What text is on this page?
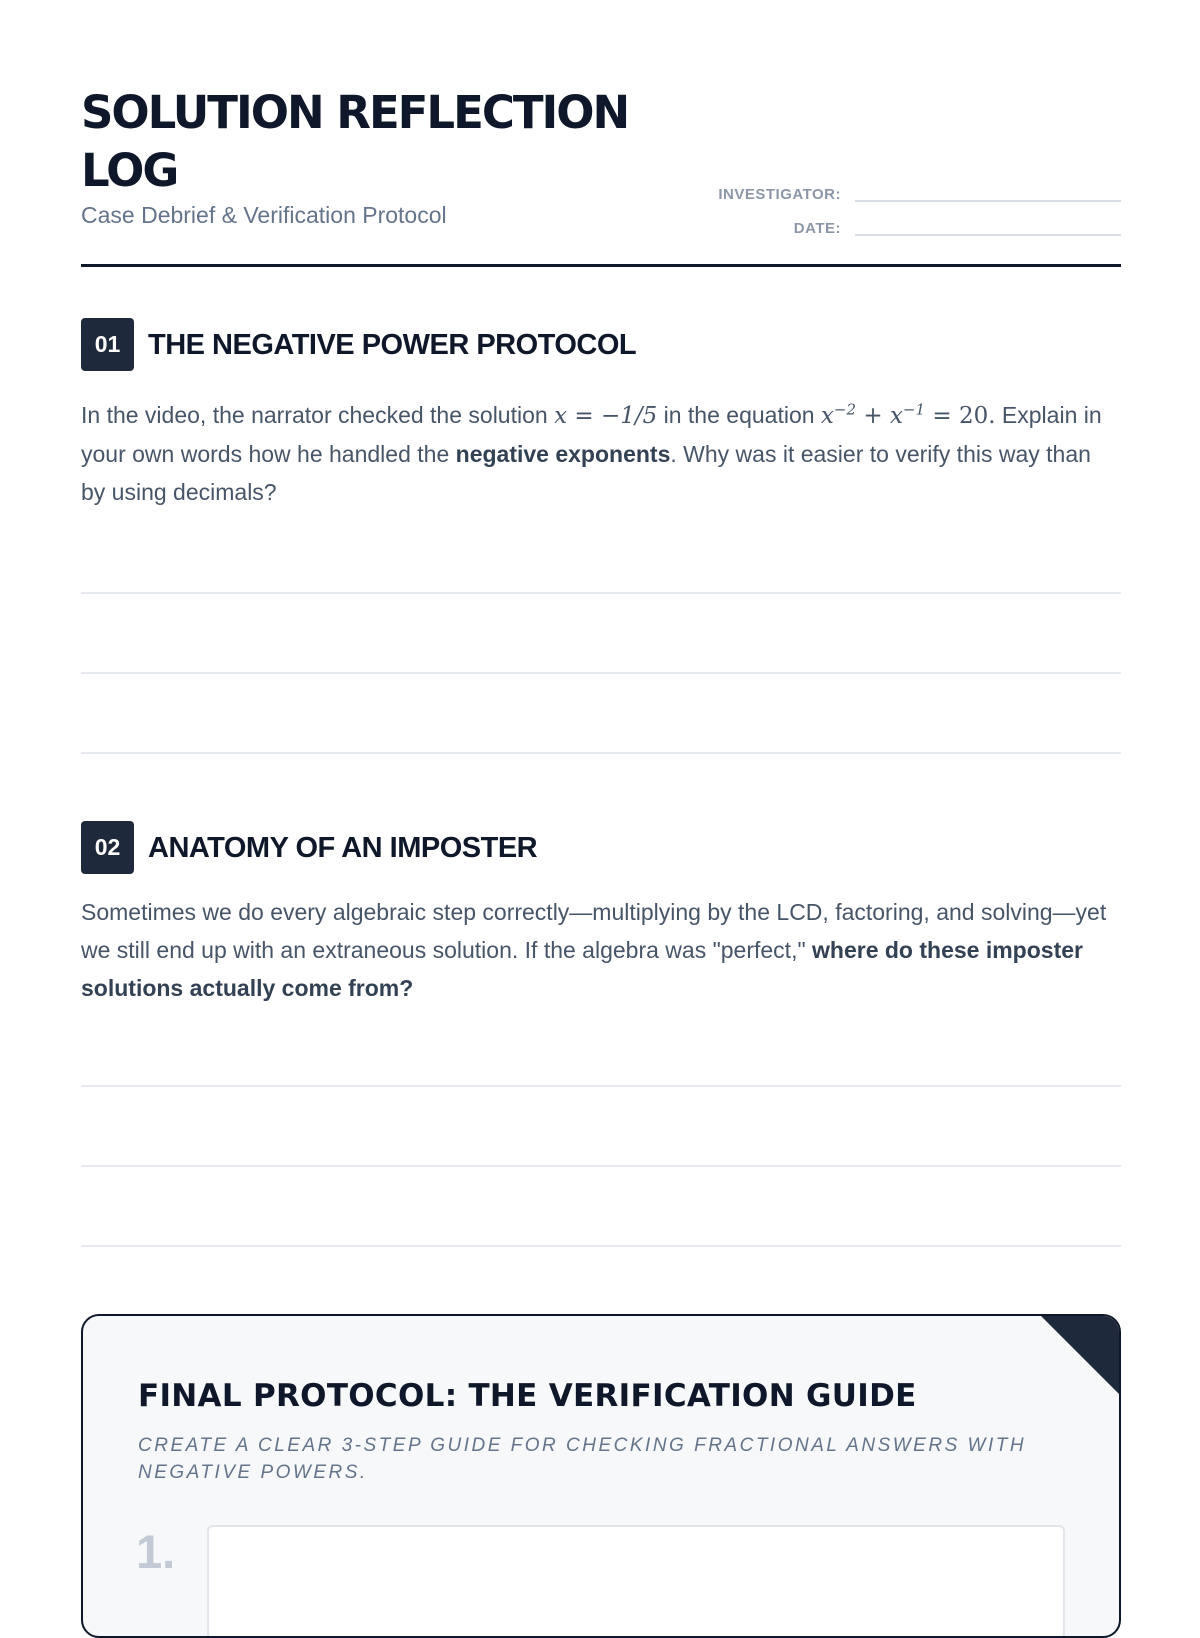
SOLUTION REFLECTION LOG
Case Debrief & Verification Protocol
INVESTIGATOR:
DATE:
01 THE NEGATIVE POWER PROTOCOL

In the video, the narrator checked the solution x = −1/5 in the equation $x^{-2} + x^{-1} = 20$. Explain in your own words how he handled the negative exponents. Why was it easier to verify this way than by using decimals?

02 ANATOMY OF AN IMPOSTER

Sometimes we do every algebraic step correctly—multiplying by the LCD, factoring, and solving—yet we still end up with an extraneous solution. If the algebra was "perfect," where do these imposter solutions actually come from?

FINAL PROTOCOL: THE VERIFICATION GUIDE

CREATE A CLEAR 3-STEP GUIDE FOR CHECKING FRACTIONAL ANSWERS WITH NEGATIVE POWERS.

1.
